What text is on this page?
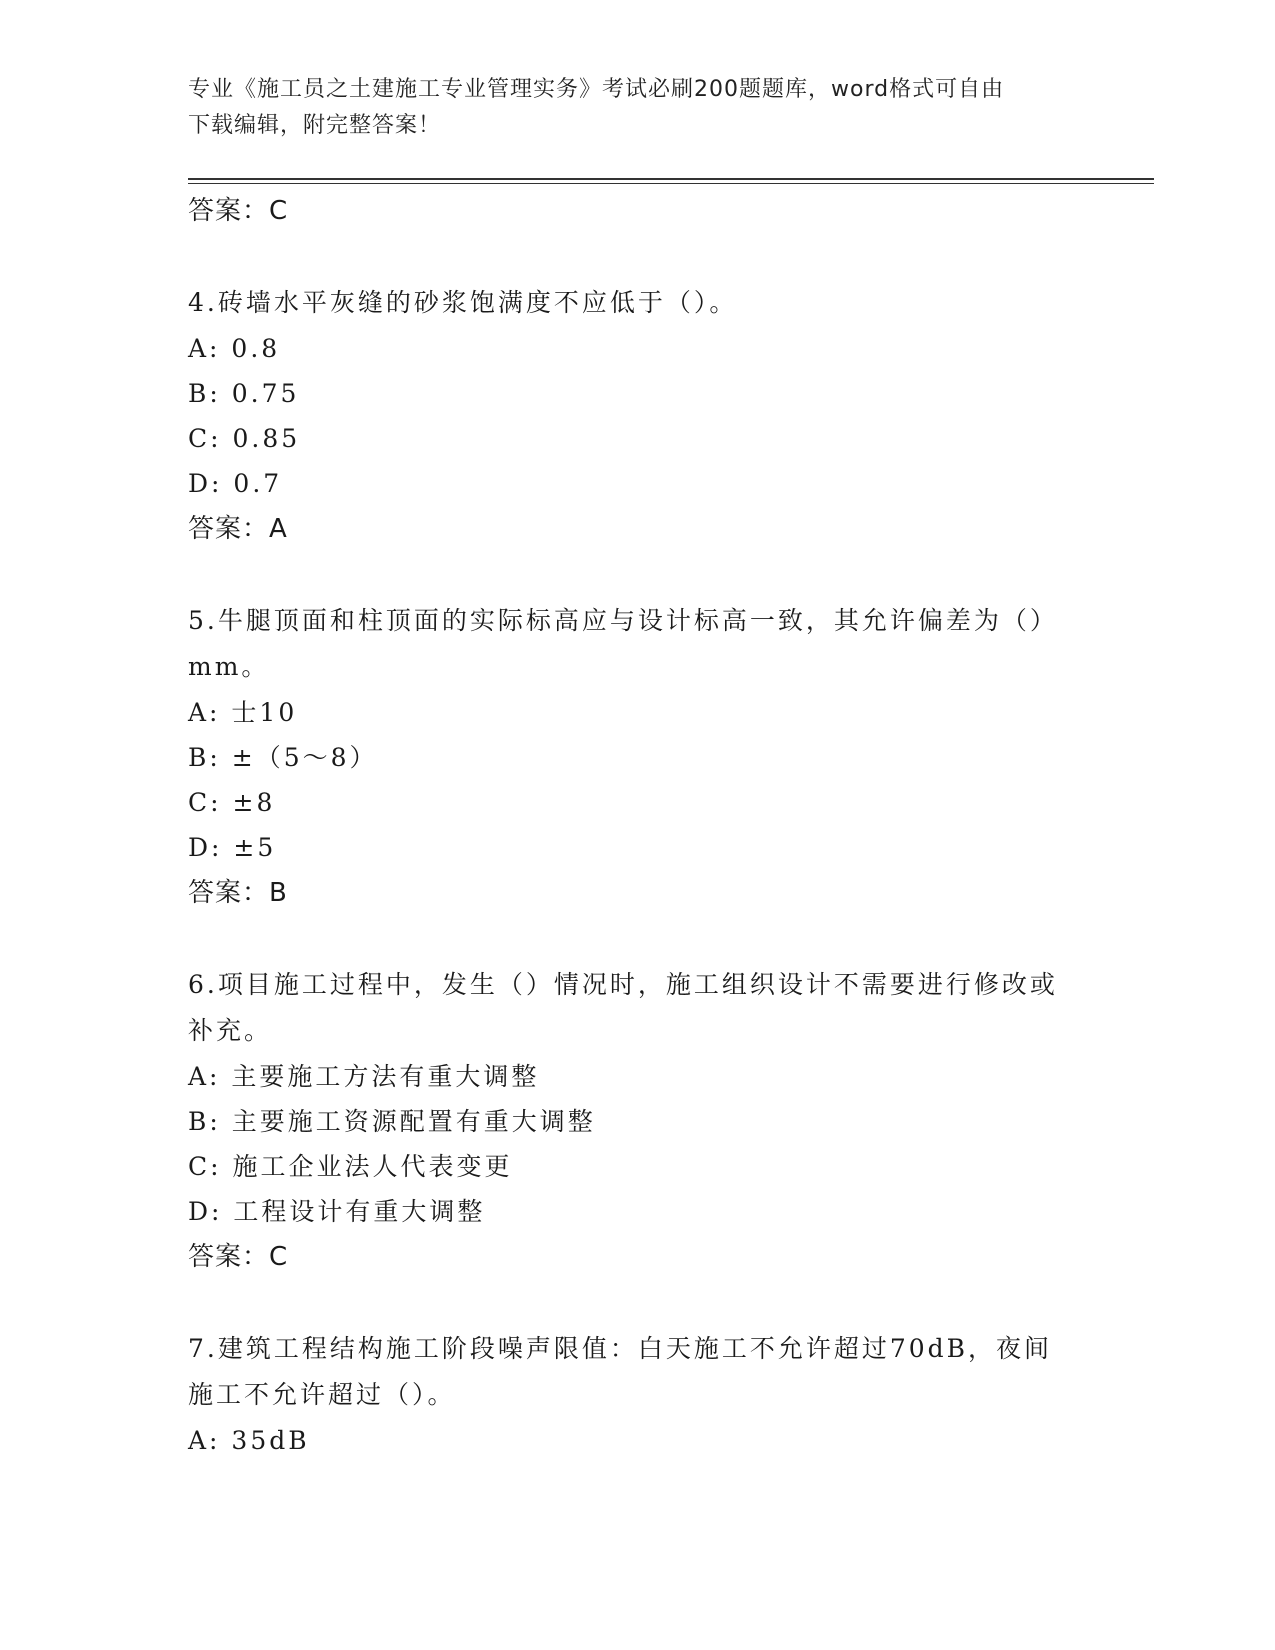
专业《施工员之土建施工专业管理实务》考试必刷200题题库，word格式可自由
下载编辑，附完整答案！
答案：C
4.砖墙水平灰缝的砂浆饱满度不应低于（）。
A: 0.8
B: 0.75
C: 0.85
D: 0.7
答案：A
5.牛腿顶面和柱顶面的实际标高应与设计标高一致，其允许偏差为（）mm。
A: 士10
B: ±（5～8）
C: ±8
D: ±5
答案：B
6.项目施工过程中，发生（）情况时，施工组织设计不需要进行修改或补充。
A: 主要施工方法有重大调整
B: 主要施工资源配置有重大调整
C: 施工企业法人代表变更
D: 工程设计有重大调整
答案：C
7.建筑工程结构施工阶段噪声限值：白天施工不允许超过70dB，夜间施工不允许超过（）。
A: 35dB
